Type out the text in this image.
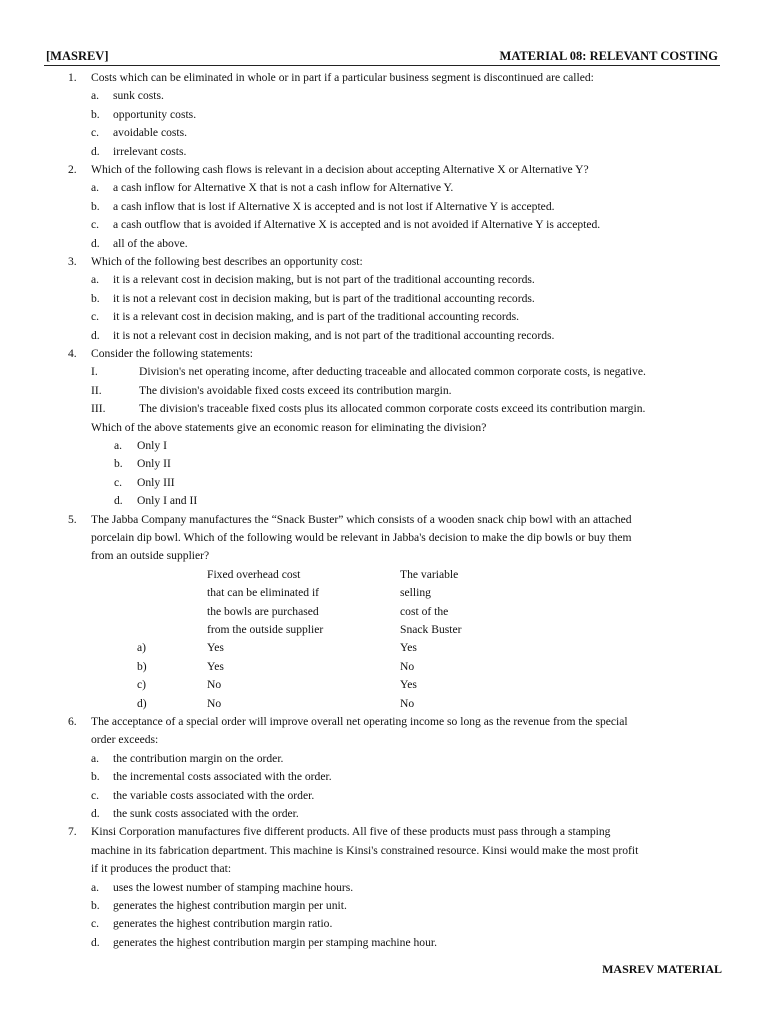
[MASREV]	MATERIAL 08: RELEVANT COSTING
1. Costs which can be eliminated in whole or in part if a particular business segment is discontinued are called:
a. sunk costs.
b. opportunity costs.
c. avoidable costs.
d. irrelevant costs.
2. Which of the following cash flows is relevant in a decision about accepting Alternative X or Alternative Y?
a. a cash inflow for Alternative X that is not a cash inflow for Alternative Y.
b. a cash inflow that is lost if Alternative X is accepted and is not lost if Alternative Y is accepted.
c. a cash outflow that is avoided if Alternative X is accepted and is not avoided if Alternative Y is accepted.
d. all of the above.
3. Which of the following best describes an opportunity cost:
a. it is a relevant cost in decision making, but is not part of the traditional accounting records.
b. it is not a relevant cost in decision making, but is part of the traditional accounting records.
c. it is a relevant cost in decision making, and is part of the traditional accounting records.
d. it is not a relevant cost in decision making, and is not part of the traditional accounting records.
4. Consider the following statements:
I.	Division's net operating income, after deducting traceable and allocated common corporate costs, is negative.
II.	The division's avoidable fixed costs exceed its contribution margin.
III.	The division's traceable fixed costs plus its allocated common corporate costs exceed its contribution margin.
Which of the above statements give an economic reason for eliminating the division?
a. Only I
b. Only II
c. Only III
d. Only I and II
5. The Jabba Company manufactures the “Snack Buster” which consists of a wooden snack chip bowl with an attached
porcelain dip bowl. Which of the following would be relevant in Jabba's decision to make the dip bowls or buy them
from an outside supplier?
Fixed overhead cost	The variable
that can be eliminated if	selling
the bowls are purchased	cost of the
from the outside supplier	Snack Buster
a)	Yes	Yes
b)	Yes	No
c)	No	Yes
d)	No	No
6. The acceptance of a special order will improve overall net operating income so long as the revenue from the special
order exceeds:
a. the contribution margin on the order.
b. the incremental costs associated with the order.
c. the variable costs associated with the order.
d. the sunk costs associated with the order.
7. Kinsi Corporation manufactures five different products. All five of these products must pass through a stamping
machine in its fabrication department. This machine is Kinsi's constrained resource. Kinsi would make the most profit
if it produces the product that:
a. uses the lowest number of stamping machine hours.
b. generates the highest contribution margin per unit.
c. generates the highest contribution margin ratio.
d. generates the highest contribution margin per stamping machine hour.
MASREV MATERIAL
